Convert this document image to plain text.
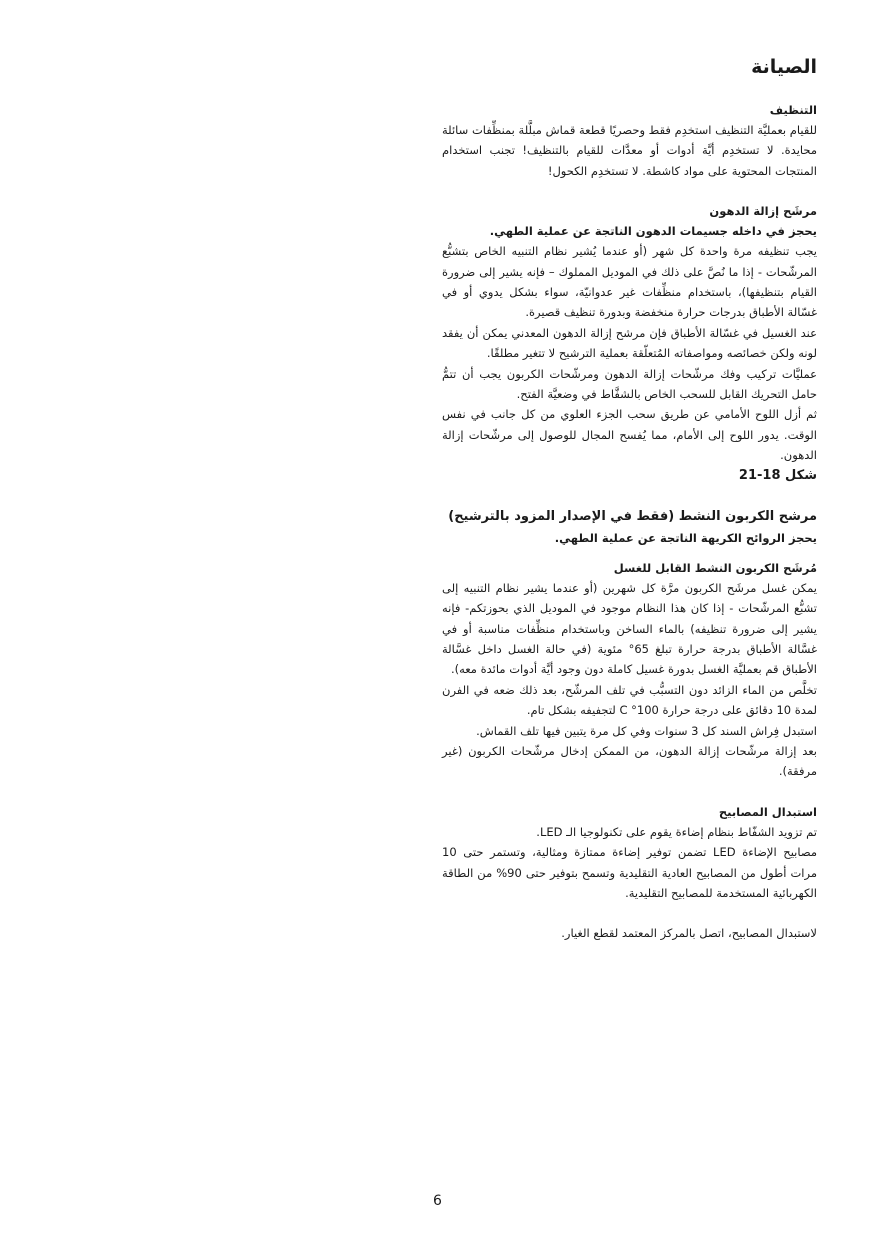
الصيانة
التنظيف

للقيام بعمليَّة التنظيف استخدِم فقط وحصريًا قطعة قماش مبلَّلة بمنظِّفات سائلة محايدة. لا تستخدِم أيَّة أدوات أو معدَّات للقيام بالتنظيف! تجنب استخدام المنتجات المحتوية على مواد كاشطة. لا تستخدِم الكحول!

مرشَح إزالة الدهون
يحجز في داخله جسيمات الدهون الناتجة عن عملية الطهي.

يجب تنظيفه مرة واحدة كل شهر (أو عندما يُشير نظام التنبيه الخاص بتشبُّع المرشّحات - إذا ما نُصَّ على ذلك في الموديل المملوك – فإنه يشير إلى ضرورة القيام بتنظيفها)، باستخدام منظِّفات غير عدوانيّة، سواء بشكل يدوي أو في غسّالة الأطباق بدرجات حرارة منخفضة وبدورة تنظيف قصيرة.

عند الغسيل في غسّالة الأطباق فإن مرشح إزالة الدهون المعدني يمكن أن يفقد لونه ولكن خصائصه ومواصفاته المُتعلّقة بعملية الترشيح لا تتغير مطلقًا.

عمليَّات تركيب وفك مرشّحات إزالة الدهون ومرشّحات الكربون يجب أن تتمُّ حامل التحريك القابل للسحب الخاص بالشفَّاط في وضعيَّة الفتح.

ثم أزل اللوح الأمامي عن طريق سحب الجزء العلوي من كل جانب في نفس الوقت. يدور اللوح إلى الأمام، مما يُفسح المجال للوصول إلى مرشّحات إزالة الدهون.

شكل 18-21
مرشح الكربون النشط (فقط في الإصدار المزود بالترشيح)
يحجز الروائح الكريهة الناتجة عن عملية الطهي.
مُرشَح الكربون النشط القابل للغسل

يمكن غسل مرشَح الكربون مرَّة كل شهرين (أو عندما يشير نظام التنبيه إلى تشبُّع المرشّحات - إذا كان هذا النظام موجود في الموديل الذي بحوزتكم- فإنه يشير إلى ضرورة تنظيفه) بالماء الساخن وباستخدام منظِّفات مناسبة أو في غسَّالة الأطباق بدرجة حرارة تبلغ 65° مئوية (في حالة الغسل داخل غسَّالة الأطباق قم بعمليَّة الغسل بدورة غسيل كاملة دون وجود أيَّة أدوات مائدة معه).

تخلَّص من الماء الزائد دون التسبُّب في تلف المرشّح، بعد ذلك ضعه في الفرن لمدة 10 دقائق على درجة حرارة 100° C لتجفيفه بشكل تام.

استبدل فِراش السند كل 3 سنوات وفي كل مرة يتبين فيها تلف القماش.

بعد إزالة مرشّحات إزالة الدهون، من الممكن إدخال مرشّحات الكربون (غير مرفقة).

استبدال المصابيح

تم تزويد الشفّاط بنظام إضاءة يقوم على تكنولوجيا الـ LED.

مصابيح الإضاءة LED تضمن توفير إضاءة ممتازة ومثالية، وتستمر حتى 10 مرات أطول من المصابيح العادية التقليدية وتسمح بتوفير حتى 90% من الطاقة الكهربائية المستخدمة للمصابيح التقليدية.

لاستبدال المصابيح، اتصل بالمركز المعتمد لقطع الغيار.

6
